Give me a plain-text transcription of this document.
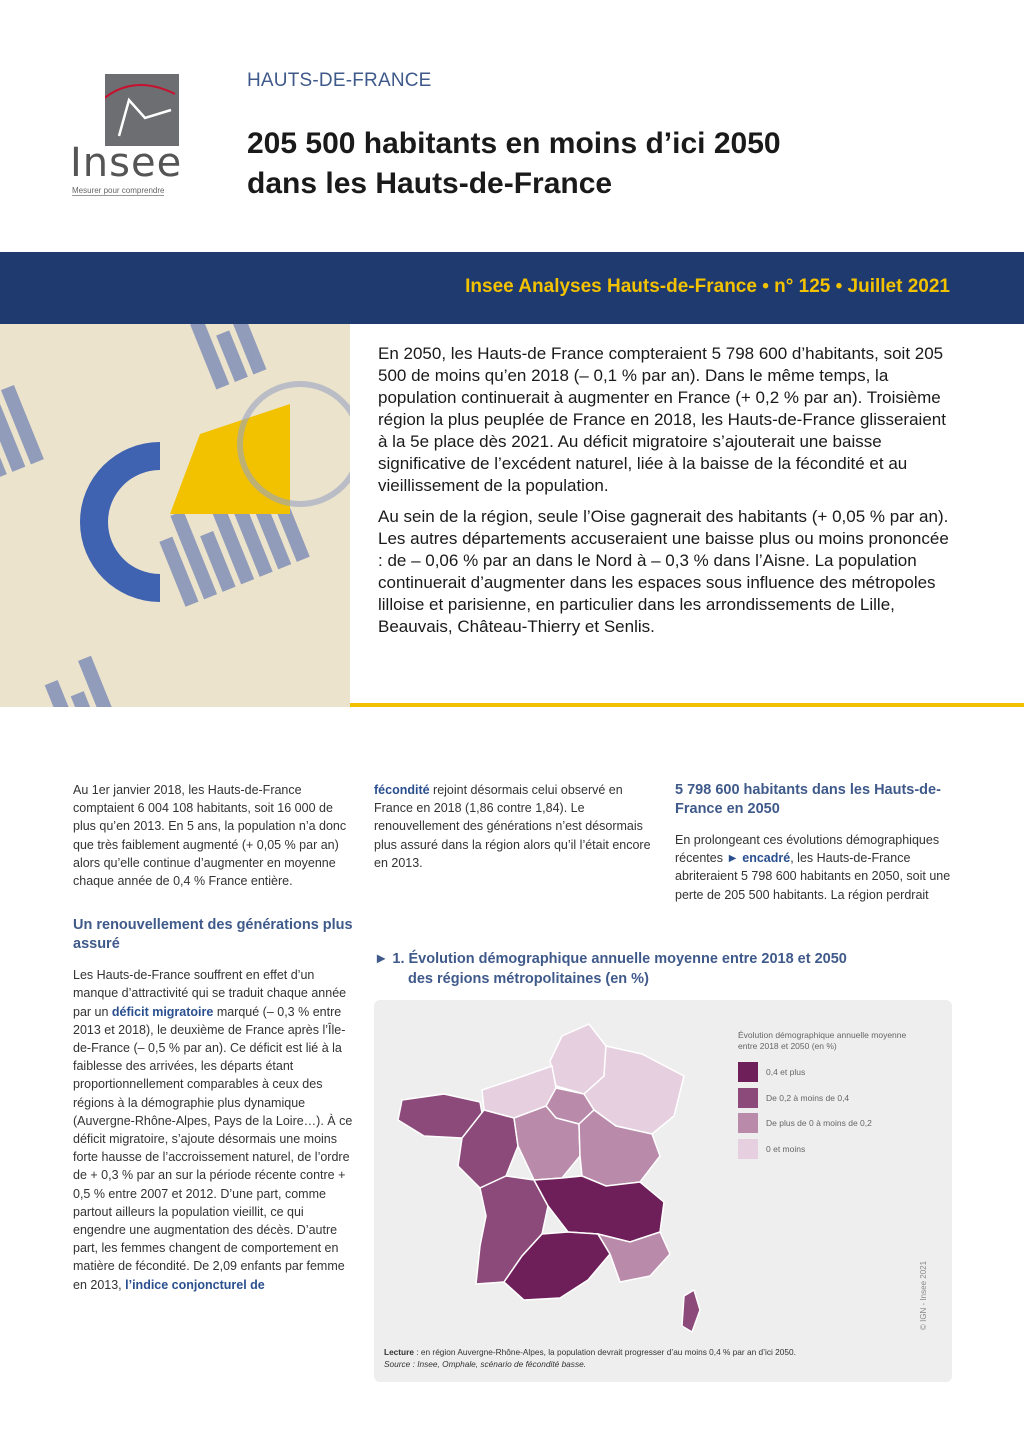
Insee
Mesurer pour comprendre
HAUTS-DE-FRANCE
205 500 habitants en moins d’ici 2050
dans les Hauts-de-France
Insee Analyses Hauts-de-France • n° 125 • Juillet 2021

En 2050, les Hauts-de France compteraient 5 798 600 d’habitants, soit 205 500 de moins qu’en 2018 (– 0,1 % par an). Dans le même temps, la population continuerait à augmenter en France (+ 0,2 % par an). Troisième région la plus peuplée de France en 2018, les Hauts-de-France glisseraient à la 5e place dès 2021. Au déficit migratoire s’ajouterait une baisse significative de l’excédent naturel, liée à la baisse de la fécondité et au vieillissement de la population.

Au sein de la région, seule l’Oise gagnerait des habitants (+ 0,05 % par an). Les autres départements accuseraient une baisse plus ou moins prononcée : de – 0,06 % par an dans le Nord à – 0,3 % dans l’Aisne. La population continuerait d’augmenter dans les espaces sous influence des métropoles lilloise et parisienne, en particulier dans les arrondissements de Lille, Beauvais, Château-Thierry et Senlis.

Au 1er janvier 2018, les Hauts-de-France comptaient 6 004 108 habitants, soit 16 000 de plus qu’en 2013. En 5 ans, la population n’a donc que très faiblement augmenté (+ 0,05 % par an) alors qu’elle continue d’augmenter en moyenne chaque année de 0,4 % France entière.
Un renouvellement des générations plus assuré
Les Hauts-de-France souffrent en effet d’un manque d’attractivité qui se traduit chaque année par un déficit migratoire marqué (– 0,3 % entre 2013 et 2018), le deuxième de France après l’Île-de-France (– 0,5 % par an). Ce déficit est lié à la faiblesse des arrivées, les départs étant proportionnellement comparables à ceux des régions à la démographie plus dynamique (Auvergne-Rhône-Alpes, Pays de la Loire…). À ce déficit migratoire, s’ajoute désormais une moins forte hausse de l’accroissement naturel, de l’ordre de + 0,3 % par an sur la période récente contre + 0,5 % entre 2007 et 2012. D’une part, comme partout ailleurs la population vieillit, ce qui engendre une augmentation des décès. D’autre part, les femmes changent de comportement en matière de fécondité. De 2,09 enfants par femme en 2013, l’indice conjoncturel de
fécondité rejoint désormais celui observé en France en 2018 (1,86 contre 1,84). Le renouvellement des générations n’est désormais plus assuré dans la région alors qu’il l’était encore en 2013.
5 798 600 habitants dans les Hauts-de-France en 2050
En prolongeant ces évolutions démographiques récentes ► encadré, les Hauts-de-France abriteraient 5 798 600 habitants en 2050, soit une perte de 205 500 habitants. La région perdrait
► 1. Évolution démographique annuelle moyenne entre 2018 et 2050
des régions métropolitaines (en %)
Évolution démographique annuelle moyenne entre 2018 et 2050 (en %)
0,4 et plus
De 0,2 à moins de 0,4
De plus de 0 à moins de 0,2
0 et moins
© IGN - Insee 2021
Lecture : en région Auvergne-Rhône-Alpes, la population devrait progresser d’au moins 0,4 % par an d’ici 2050.
Source : Insee, Omphale, scénario de fécondité basse.
